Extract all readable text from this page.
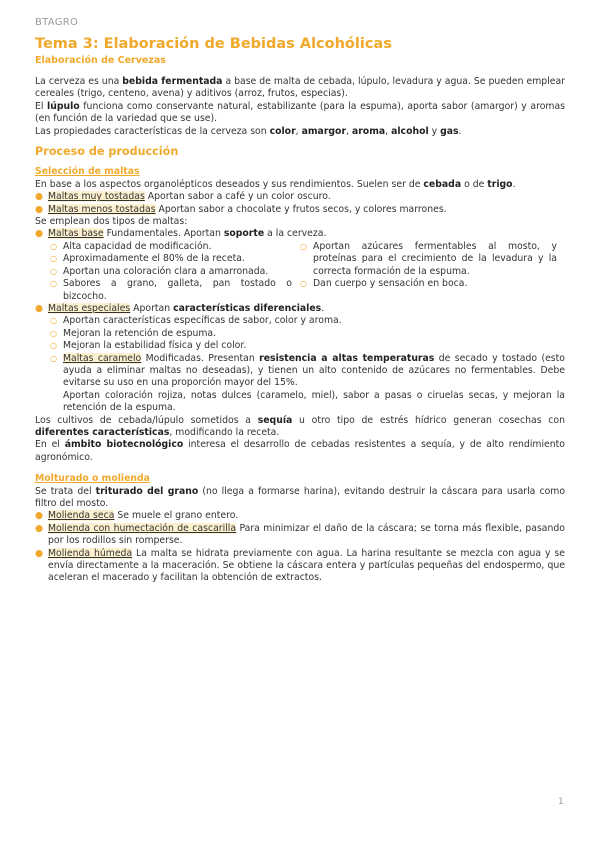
BTAGRO
Tema 3: Elaboración de Bebidas Alcohólicas
Elaboración de Cervezas

La cerveza es una bebida fermentada a base de malta de cebada, lúpulo, levadura y agua. Se pueden emplear cereales (trigo, centeno, avena) y aditivos (arroz, frutos, especias).

El lúpulo funciona como conservante natural, estabilizante (para la espuma), aporta sabor (amargor) y aromas (en función de la variedad que se use).

Las propiedades características de la cerveza son color, amargor, aroma, alcohol y gas.

Proceso de producción
Selección de maltas

En base a los aspectos organolépticos deseados y sus rendimientos. Suelen ser de cebada o de trigo.

● Maltas muy tostadas Aportan sabor a café y un color oscuro.
● Maltas menos tostadas Aportan sabor a chocolate y frutos secos, y colores marrones.

Se emplean dos tipos de maltas:

● Maltas base Fundamentales. Aportan soporte a la cerveza.
○ Alta capacidad de modificación.
○ Aproximadamente el 80% de la receta.
○ Aportan una coloración clara a amarronada.
○ Sabores a grano, galleta, pan tostado o bizcocho.
○ Aportan azúcares fermentables al mosto, y proteínas para el crecimiento de la levadura y la correcta formación de la espuma.
○ Dan cuerpo y sensación en boca.
● Maltas especiales Aportan características diferenciales.
○ Aportan características específicas de sabor, color y aroma.
○ Mejoran la retención de espuma.
○ Mejoran la estabilidad física y del color.
○ Maltas caramelo Modificadas. Presentan resistencia a altas temperaturas de secado y tostado (esto ayuda a eliminar maltas no deseadas), y tienen un alto contenido de azúcares no fermentables. Debe evitarse su uso en una proporción mayor del 15%.

Aportan coloración rojiza, notas dulces (caramelo, miel), sabor a pasas o ciruelas secas, y mejoran la retención de la espuma.

Los cultivos de cebada/lúpulo sometidos a sequía u otro tipo de estrés hídrico generan cosechas con diferentes características, modificando la receta.

En el ámbito biotecnológico interesa el desarrollo de cebadas resistentes a sequía, y de alto rendimiento agronómico.

Molturado o molienda

Se trata del triturado del grano (no llega a formarse harina), evitando destruir la cáscara para usarla como filtro del mosto.

● Molienda seca Se muele el grano entero.
● Molienda con humectación de cascarilla Para minimizar el daño de la cáscara; se torna más flexible, pasando por los rodillos sin romperse.
● Molienda húmeda La malta se hidrata previamente con agua. La harina resultante se mezcla con agua y se envía directamente a la maceración. Se obtiene la cáscara entera y partículas pequeñas del endospermo, que aceleran el macerado y facilitan la obtención de extractos.
1
